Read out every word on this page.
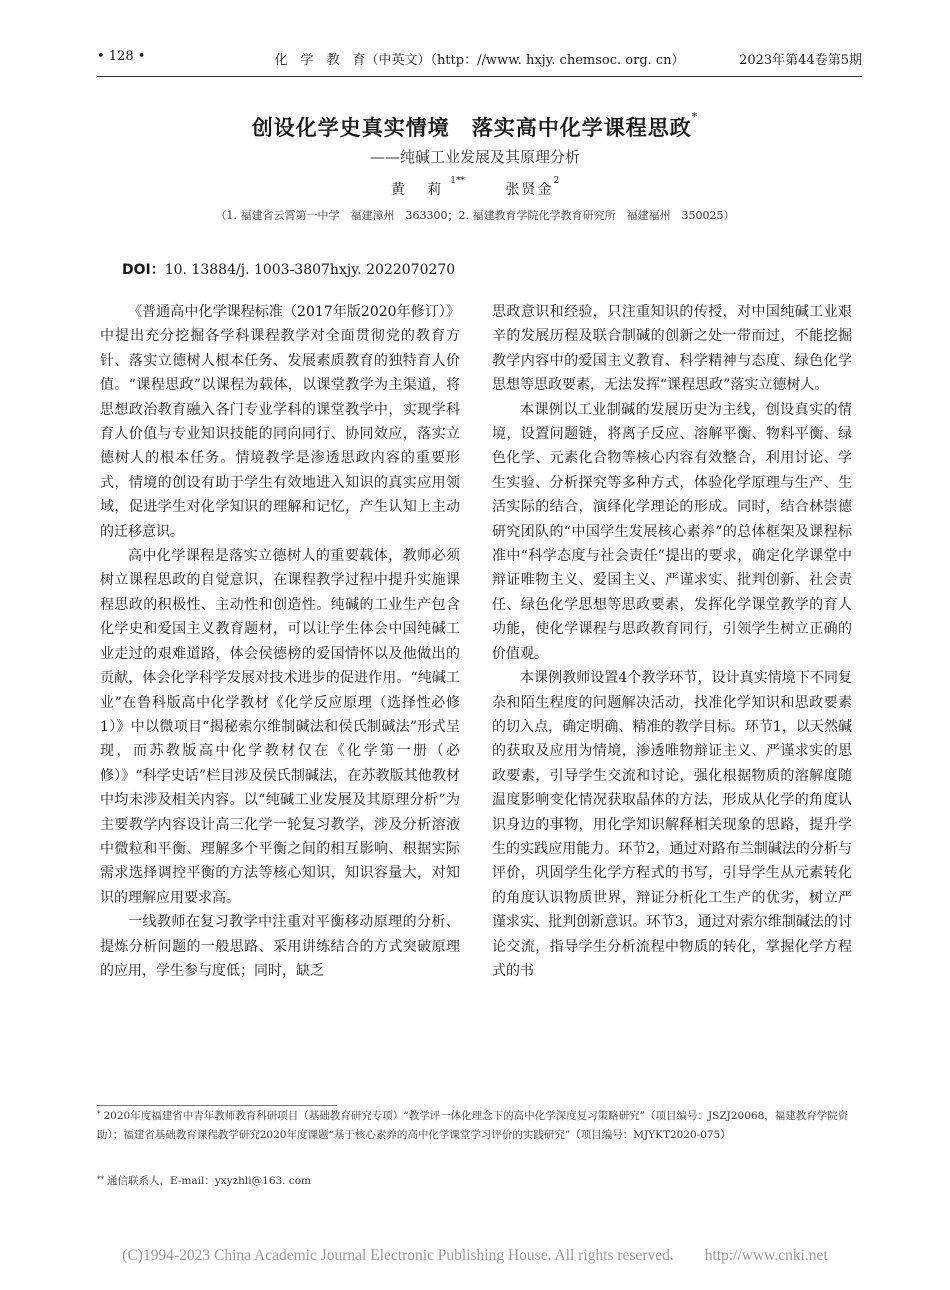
• 128 •	化　学　教　育（中英文）（http：//www. hxjy. chemsoc. org. cn）	2023年第44卷第5期
创设化学史真实情境　落实高中化学课程思政*
——纯碱工业发展及其原理分析
黄 莉$^{1**}$ 张贤金$^2$
（1. 福建省云霄第一中学　福建漳州　363300；2. 福建教育学院化学教育研究所　福建福州　350025）
DOI：10. 13884/j. 1003-3807hxjy. 2022070270

《普通高中化学课程标准（2017年版2020年修订）》中提出充分挖掘各学科课程教学对全面贯彻党的教育方针、落实立德树人根本任务、发展素质教育的独特育人价值。“课程思政”以课程为载体，以课堂教学为主渠道，将思想政治教育融入各门专业学科的课堂教学中，实现学科育人价值与专业知识技能的同向同行、协同效应，落实立德树人的根本任务。情境教学是渗透思政内容的重要形式，情境的创设有助于学生有效地进入知识的真实应用领域，促进学生对化学知识的理解和记忆，产生认知上主动的迁移意识。

高中化学课程是落实立德树人的重要载体，教师必须树立课程思政的自觉意识，在课程教学过程中提升实施课程思政的积极性、主动性和创造性。纯碱的工业生产包含化学史和爱国主义教育题材，可以让学生体会中国纯碱工业走过的艰难道路，体会侯德榜的爱国情怀以及他做出的贡献，体会化学科学发展对技术进步的促进作用。“纯碱工业”在鲁科版高中化学教材《化学反应原理（选择性必修1）》中以微项目“揭秘索尔维制碱法和侯氏制碱法”形式呈现，而苏教版高中化学教材仅在《化学第一册（必修）》“科学史话”栏目涉及侯氏制碱法，在苏教版其他教材中均未涉及相关内容。以“纯碱工业发展及其原理分析”为主要教学内容设计高三化学一轮复习教学，涉及分析溶液中微粒和平衡、理解多个平衡之间的相互影响、根据实际需求选择调控平衡的方法等核心知识，知识容量大，对知识的理解应用要求高。

一线教师在复习教学中注重对平衡移动原理的分析、提炼分析问题的一般思路、采用讲练结合的方式突破原理的应用，学生参与度低；同时，缺乏

思政意识和经验，只注重知识的传授，对中国纯碱工业艰辛的发展历程及联合制碱的创新之处一带而过，不能挖掘教学内容中的爱国主义教育、科学精神与态度、绿色化学思想等思政要素，无法发挥“课程思政”落实立德树人。

本课例以工业制碱的发展历史为主线，创设真实的情境，设置问题链，将离子反应、溶解平衡、物料平衡、绿色化学、元素化合物等核心内容有效整合，利用讨论、学生实验、分析探究等多种方式，体验化学原理与生产、生活实际的结合，演绎化学理论的形成。同时，结合林崇德研究团队的“中国学生发展核心素养”的总体框架及课程标准中“科学态度与社会责任”提出的要求，确定化学课堂中辩证唯物主义、爱国主义、严谨求实、批判创新、社会责任、绿色化学思想等思政要素，发挥化学课堂教学的育人功能，使化学课程与思政教育同行，引领学生树立正确的价值观。

本课例教师设置4个教学环节，设计真实情境下不同复杂和陌生程度的问题解决活动，找准化学知识和思政要素的切入点，确定明确、精准的教学目标。环节1，以天然碱的获取及应用为情境，渗透唯物辩证主义、严谨求实的思政要素，引导学生交流和讨论，强化根据物质的溶解度随温度影响变化情况获取晶体的方法，形成从化学的角度认识身边的事物，用化学知识解释相关现象的思路，提升学生的实践应用能力。环节2，通过对路布兰制碱法的分析与评价，巩固学生化学方程式的书写，引导学生从元素转化的角度认识物质世界，辩证分析化工生产的优劣，树立严谨求实、批判创新意识。环节3，通过对索尔维制碱法的讨论交流，指导学生分析流程中物质的转化，掌握化学方程式的书

* 2020年度福建省中青年教师教育科研项目（基础教育研究专项）“教学评一体化理念下的高中化学深度复习策略研究”（项目编号：JSZJ20068，福建教育学院资助）；福建省基础教育课程教学研究2020年度课题“基于核心素养的高中化学课堂学习评价的实践研究”（项目编号：MJYKT2020-075）
** 通信联系人，E-mail：yxyzhli@163. com
(C)1994-2023 China Academic Journal Electronic Publishing House. All rights reserved.　　http://www.cnki.net
